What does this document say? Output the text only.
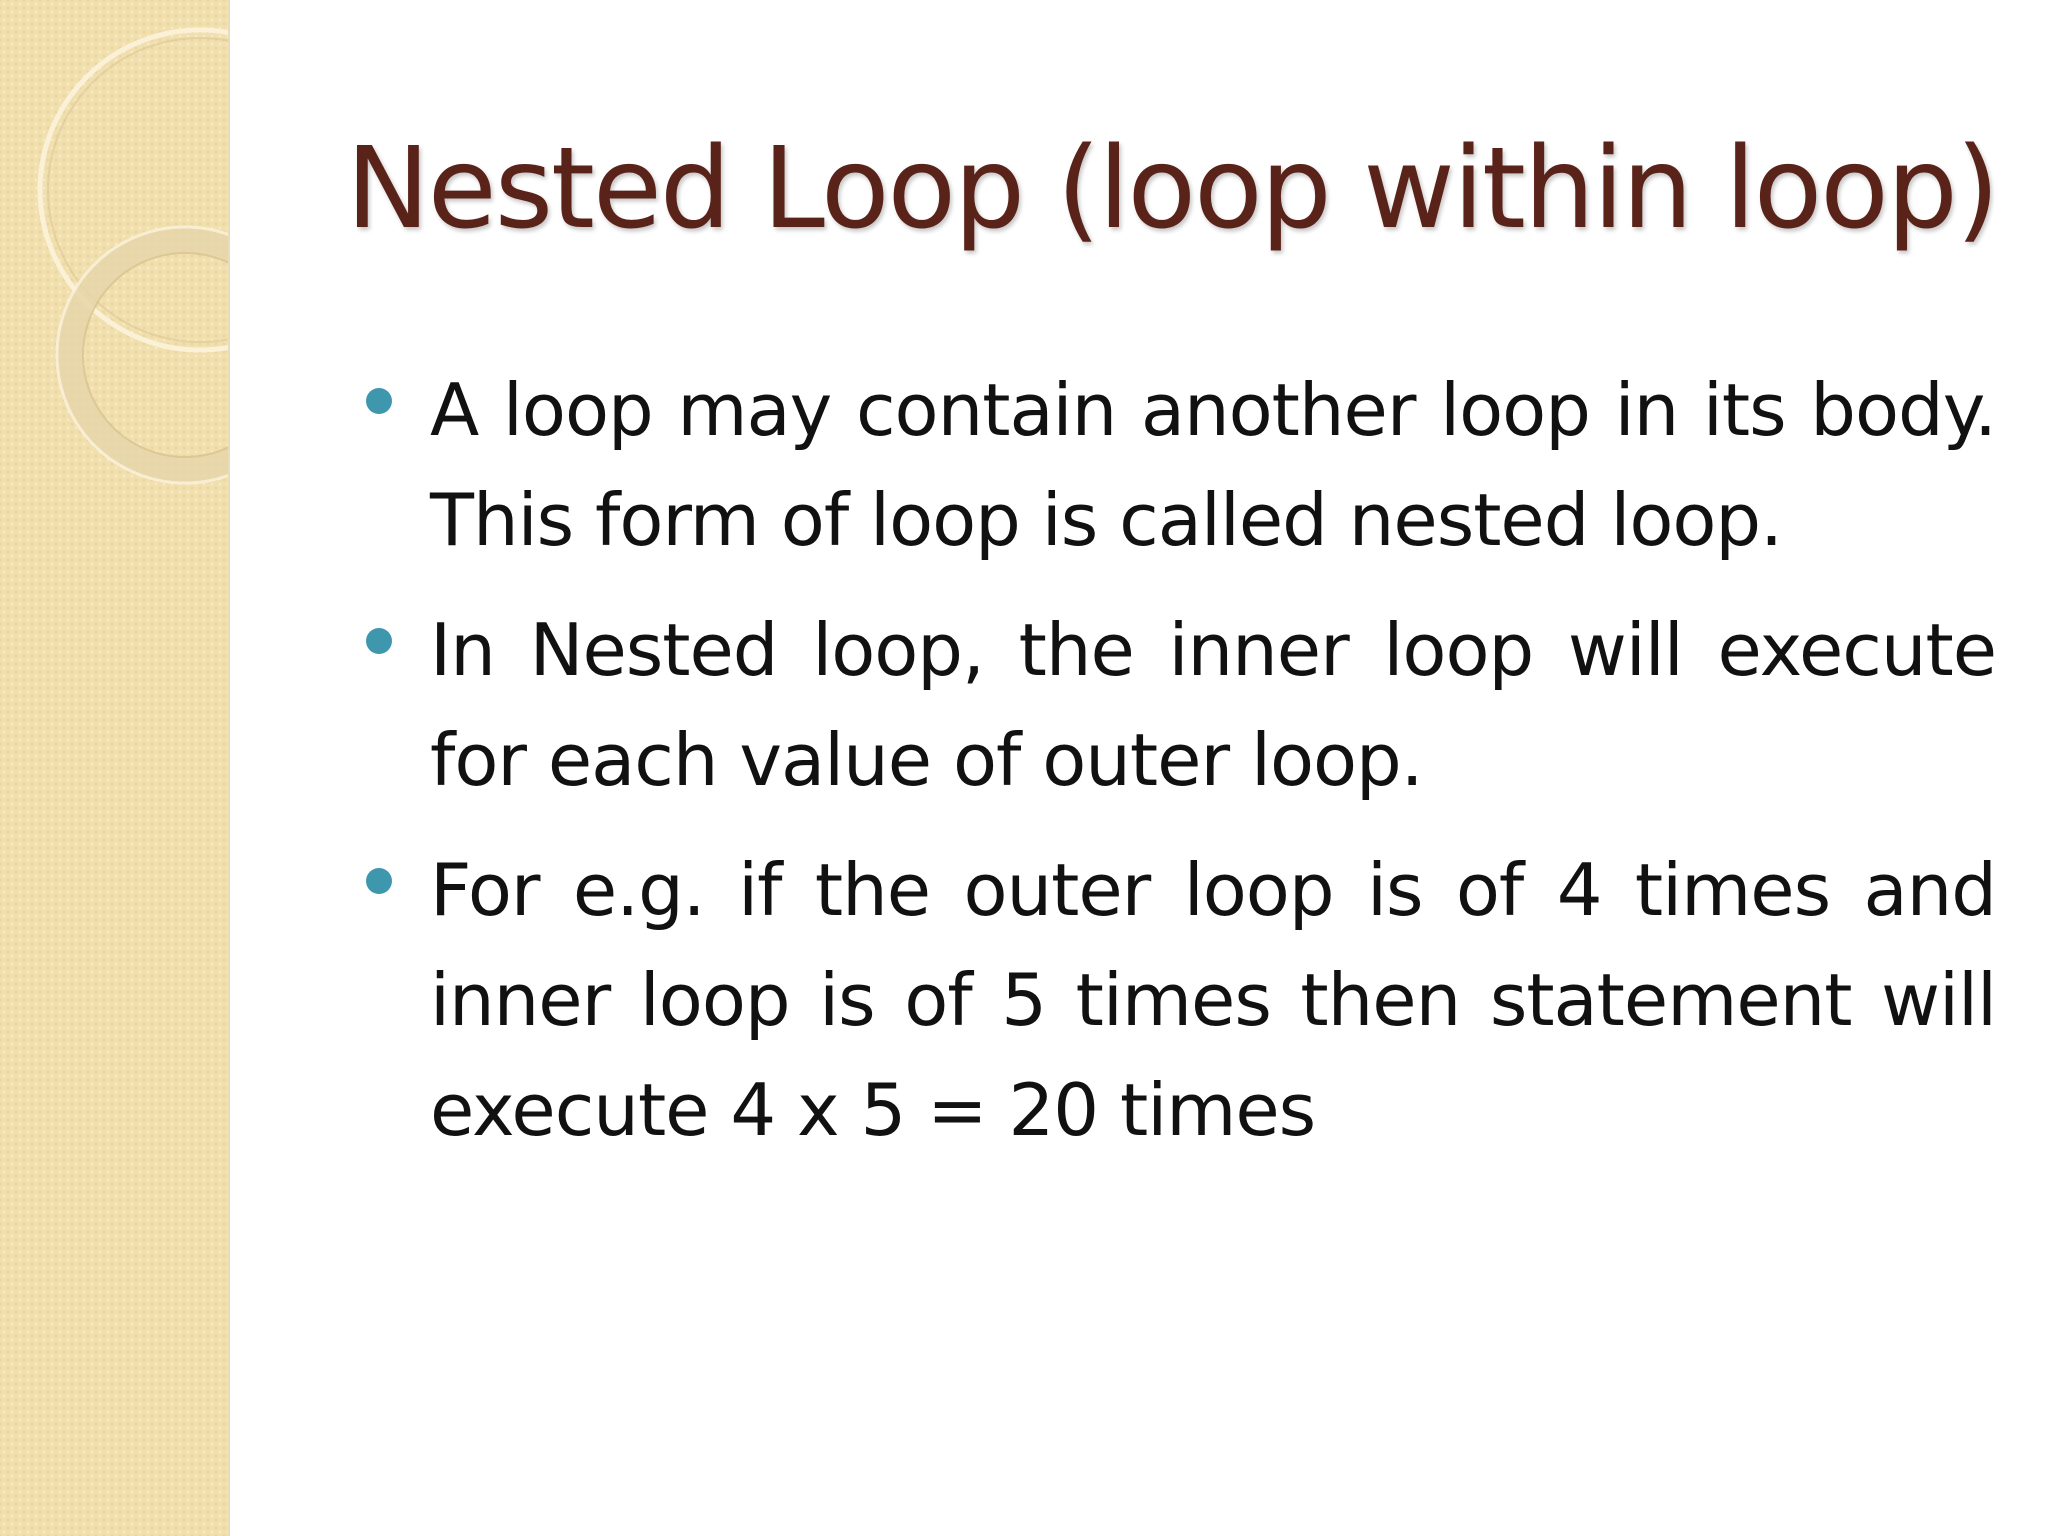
Nested Loop (loop within loop)
A loop may contain another loop in its body. This form of loop is called nested loop.
In Nested loop, the inner loop will execute for each value of outer loop.
For e.g. if the outer loop is of 4 times and inner loop is of 5 times then statement will execute 4 x 5 = 20 times
